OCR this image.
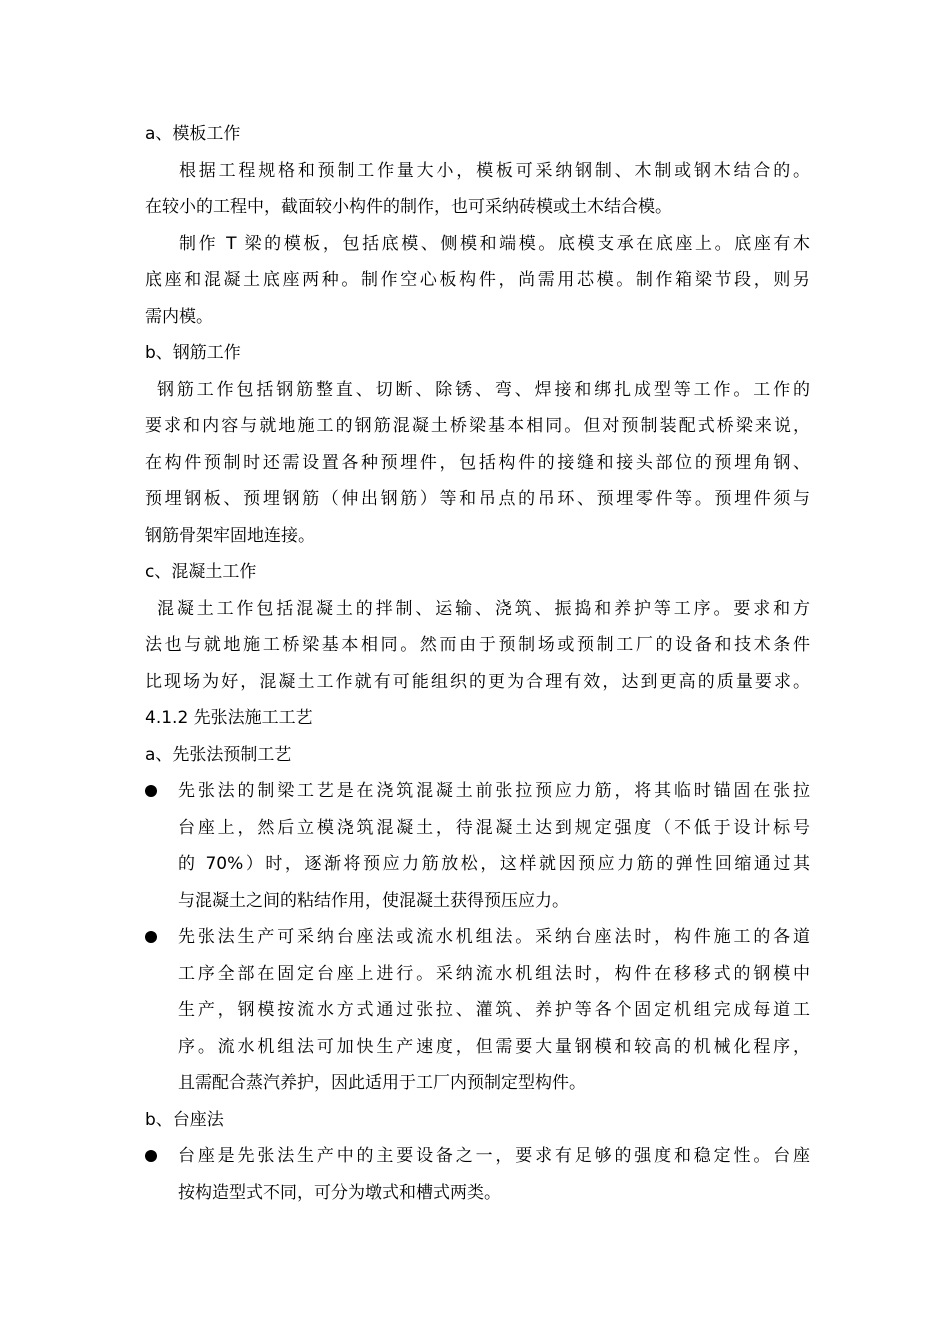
a、模板工作
根据工程规格和预制工作量大小，模板可采纳钢制、木制或钢木结合的。
在较小的工程中，截面较小构件的制作，也可采纳砖模或土木结合模。
制作 T 梁的模板，包括底模、侧模和端模。底模支承在底座上。底座有木
底座和混凝土底座两种。制作空心板构件，尚需用芯模。制作箱梁节段，则另
需内模。
b、钢筋工作
钢筋工作包括钢筋整直、切断、除锈、弯、焊接和绑扎成型等工作。工作的
要求和内容与就地施工的钢筋混凝土桥梁基本相同。但对预制装配式桥梁来说，
在构件预制时还需设置各种预埋件，包括构件的接缝和接头部位的预埋角钢、
预埋钢板、预埋钢筋（伸出钢筋）等和吊点的吊环、预埋零件等。预埋件须与
钢筋骨架牢固地连接。
c、混凝土工作
混凝土工作包括混凝土的拌制、运输、浇筑、振捣和养护等工序。要求和方
法也与就地施工桥梁基本相同。然而由于预制场或预制工厂的设备和技术条件
比现场为好，混凝土工作就有可能组织的更为合理有效，达到更高的质量要求。
4.1.2 先张法施工工艺
a、先张法预制工艺
先张法的制梁工艺是在浇筑混凝土前张拉预应力筋，将其临时锚固在张拉
台座上，然后立模浇筑混凝土，待混凝土达到规定强度（不低于设计标号
的 70%）时，逐渐将预应力筋放松，这样就因预应力筋的弹性回缩通过其
与混凝土之间的粘结作用，使混凝土获得预压应力。
先张法生产可采纳台座法或流水机组法。采纳台座法时，构件施工的各道
工序全部在固定台座上进行。采纳流水机组法时，构件在移移式的钢模中
生产，钢模按流水方式通过张拉、灌筑、养护等各个固定机组完成每道工
序。流水机组法可加快生产速度，但需要大量钢模和较高的机械化程序，
且需配合蒸汽养护，因此适用于工厂内预制定型构件。
b、台座法
台座是先张法生产中的主要设备之一，要求有足够的强度和稳定性。台座
按构造型式不同，可分为墩式和槽式两类。
